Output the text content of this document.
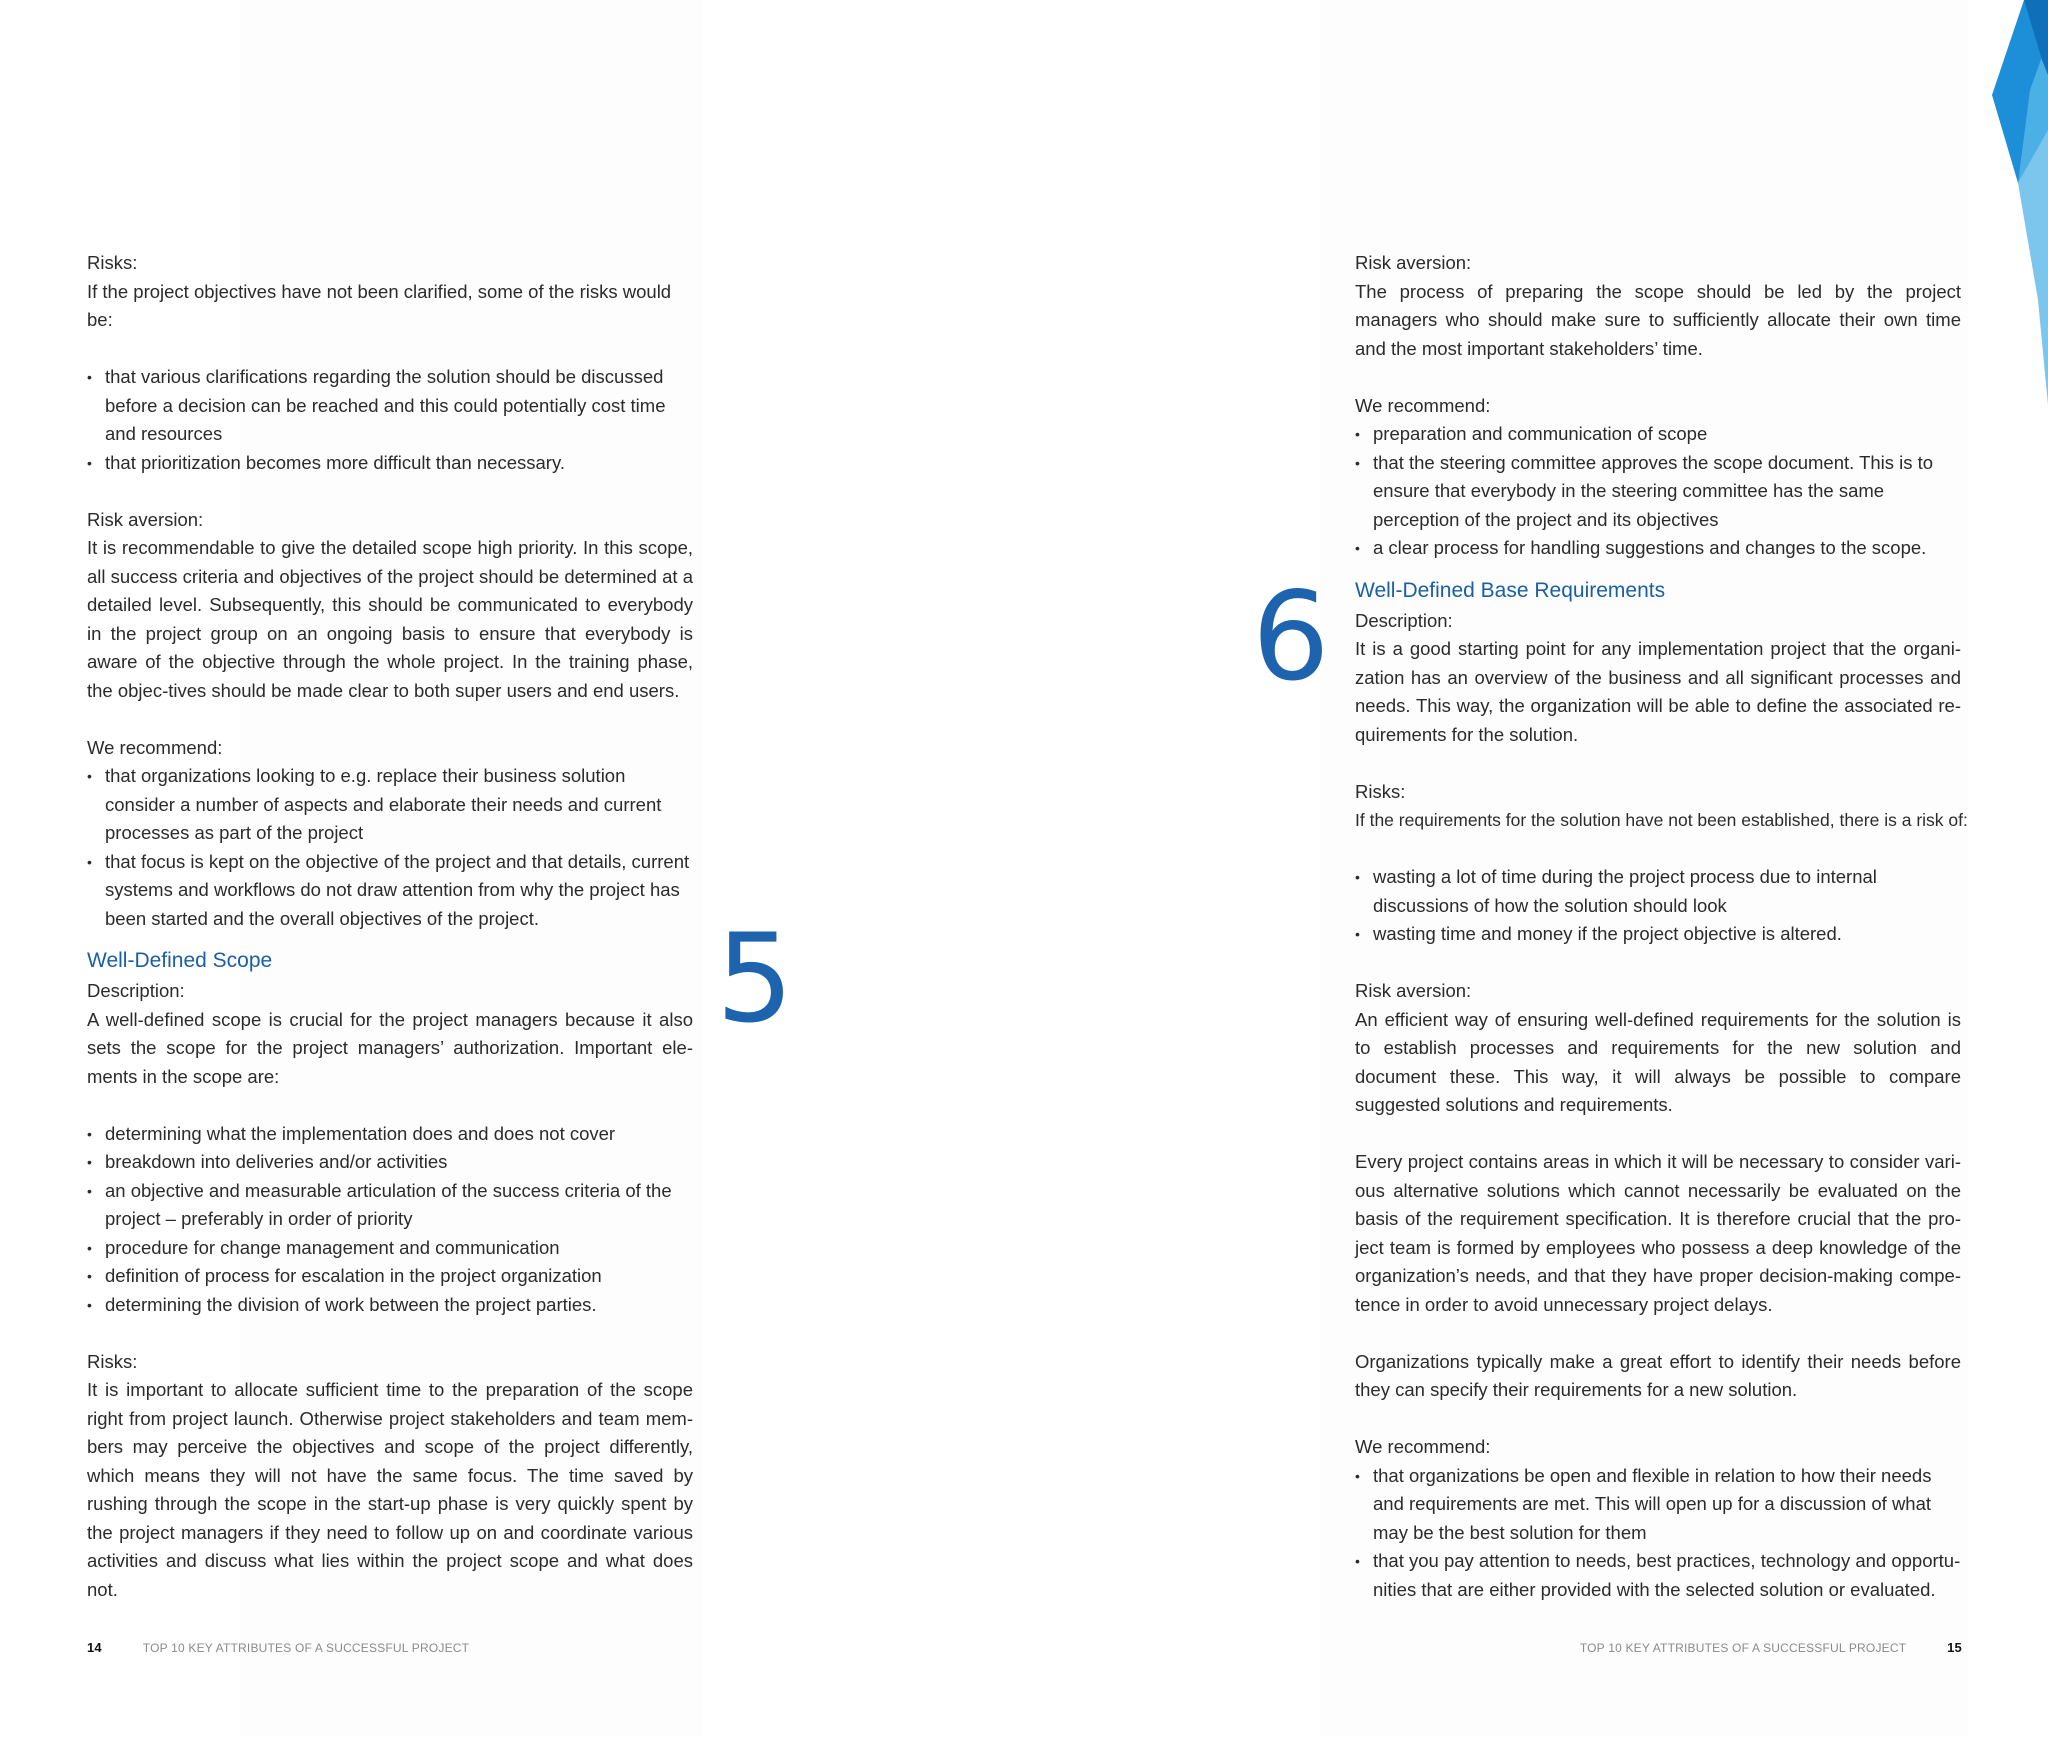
Risks:

If the project objectives have not been clarified, some of the risks would be:

• that various clarifications regarding the solution should be discussed before a decision can be reached and this could potentially cost time and resources
• that prioritization becomes more difficult than necessary.
Risk aversion:

It is recommendable to give the detailed scope high priority. In this scope, all success criteria and objectives of the project should be determined at a detailed level. Subsequently, this should be communicated to everybody in the project group on an ongoing basis to ensure that everybody is aware of the objective through the whole project. In the training phase, the objec-tives should be made clear to both super users and end users.

We recommend:
• that organizations looking to e.g. replace their business solution consider a number of aspects and elaborate their needs and current processes as part of the project
• that focus is kept on the objective of the project and that details, current systems and workflows do not draw attention from why the project has been started and the overall objectives of the project.
Well-Defined Scope
Description:

A well-defined scope is crucial for the project managers because it also sets the scope for the project managers’ authorization. Important ele-ments in the scope are:

• determining what the implementation does and does not cover
• breakdown into deliveries and/or activities
• an objective and measurable articulation of the success criteria of the project – preferably in order of priority
• procedure for change management and communication
• definition of process for escalation in the project organization
• determining the division of work between the project parties.
Risks:

It is important to allocate sufficient time to the preparation of the scope right from project launch. Otherwise project stakeholders and team mem-bers may perceive the objectives and scope of the project differently, which means they will not have the same focus. The time saved by rushing through the scope in the start-up phase is very quickly spent by the project managers if they need to follow up on and coordinate various activities and discuss what lies within the project scope and what does not.

5
14	TOP 10 KEY ATTRIBUTES OF A SUCCESSFUL PROJECT
Risk aversion:

The process of preparing the scope should be led by the project managers who should make sure to sufficiently allocate their own time and the most important stakeholders’ time.

We recommend:
• preparation and communication of scope
• that the steering committee approves the scope document. This is to ensure that everybody in the steering committee has the same perception of the project and its objectives
• a clear process for handling suggestions and changes to the scope.
Well-Defined Base Requirements
Description:

It is a good starting point for any implementation project that the organi-zation has an overview of the business and all significant processes and needs. This way, the organization will be able to define the associated re-quirements for the solution.

Risks:

If the requirements for the solution have not been established, there is a risk of:

• wasting a lot of time during the project process due to internal discussions of how the solution should look
• wasting time and money if the project objective is altered.
Risk aversion:

An efficient way of ensuring well-defined requirements for the solution is to establish processes and requirements for the new solution and document these. This way, it will always be possible to compare suggested solutions and requirements.

Every project contains areas in which it will be necessary to consider vari-ous alternative solutions which cannot necessarily be evaluated on the basis of the requirement specification. It is therefore crucial that the pro-ject team is formed by employees who possess a deep knowledge of the organization’s needs, and that they have proper decision-making compe-tence in order to avoid unnecessary project delays.

Organizations typically make a great effort to identify their needs before they can specify their requirements for a new solution.

We recommend:
• that organizations be open and flexible in relation to how their needs and requirements are met. This will open up for a discussion of what may be the best solution for them
• that you pay attention to needs, best practices, technology and opportu-nities that are either provided with the selected solution or evaluated.
6
TOP 10 KEY ATTRIBUTES OF A SUCCESSFUL PROJECT	15
